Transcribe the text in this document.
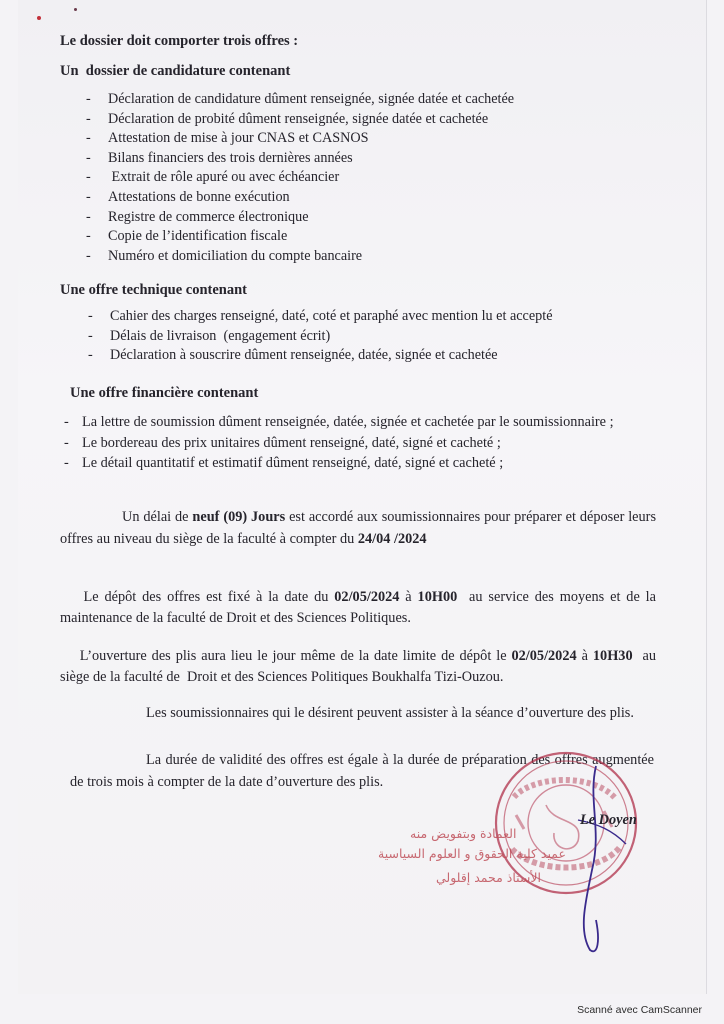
Le dossier doit comporter trois offres :

Un  dossier de candidature contenant

- Déclaration de candidature dûment renseignée, signée datée et cachetée
- Déclaration de probité dûment renseignée, signée datée et cachetée
- Attestation de mise à jour CNAS et CASNOS
- Bilans financiers des trois dernières années
-  Extrait de rôle apuré ou avec échéancier
- Attestations de bonne exécution
- Registre de commerce électronique
- Copie de l’identification fiscale
- Numéro et domiciliation du compte bancaire

Une offre technique contenant

- Cahier des charges renseigné, daté, coté et paraphé avec mention lu et accepté
- Délais de livraison  (engagement écrit)
- Déclaration à souscrire dûment renseignée, datée, signée et cachetée

Une offre financière contenant

- La lettre de soumission dûment renseignée, datée, signée et cachetée par le soumissionnaire ;
- Le bordereau des prix unitaires dûment renseigné, daté, signé et cacheté ;
- Le détail quantitatif et estimatif dûment renseigné, daté, signé et cacheté ;

Un délai de neuf (09) Jours est accordé aux soumissionnaires pour préparer et déposer leurs offres au niveau du siège de la faculté à compter du 24/04 /2024

Le dépôt des offres est fixé à la date du 02/05/2024 à 10H00  au service des moyens et de la maintenance de la faculté de Droit et des Sciences Politiques.

L’ouverture des plis aura lieu le jour même de la date limite de dépôt le 02/05/2024 à 10H30  au siège de la faculté de  Droit et des Sciences Politiques Boukhalfa Tizi-Ouzou.

Les soumissionnaires qui le désirent peuvent assister à la séance d’ouverture des plis.

La durée de validité des offres est égale à la durée de préparation des offres augmentée de trois mois à compter de la date d’ouverture des plis.

Le Doyen
العمادة وبتفويض منه
عميد كلية الحقوق و العلوم السياسية
الأستاذ محمد إقلولي
Scanné avec CamScanner
